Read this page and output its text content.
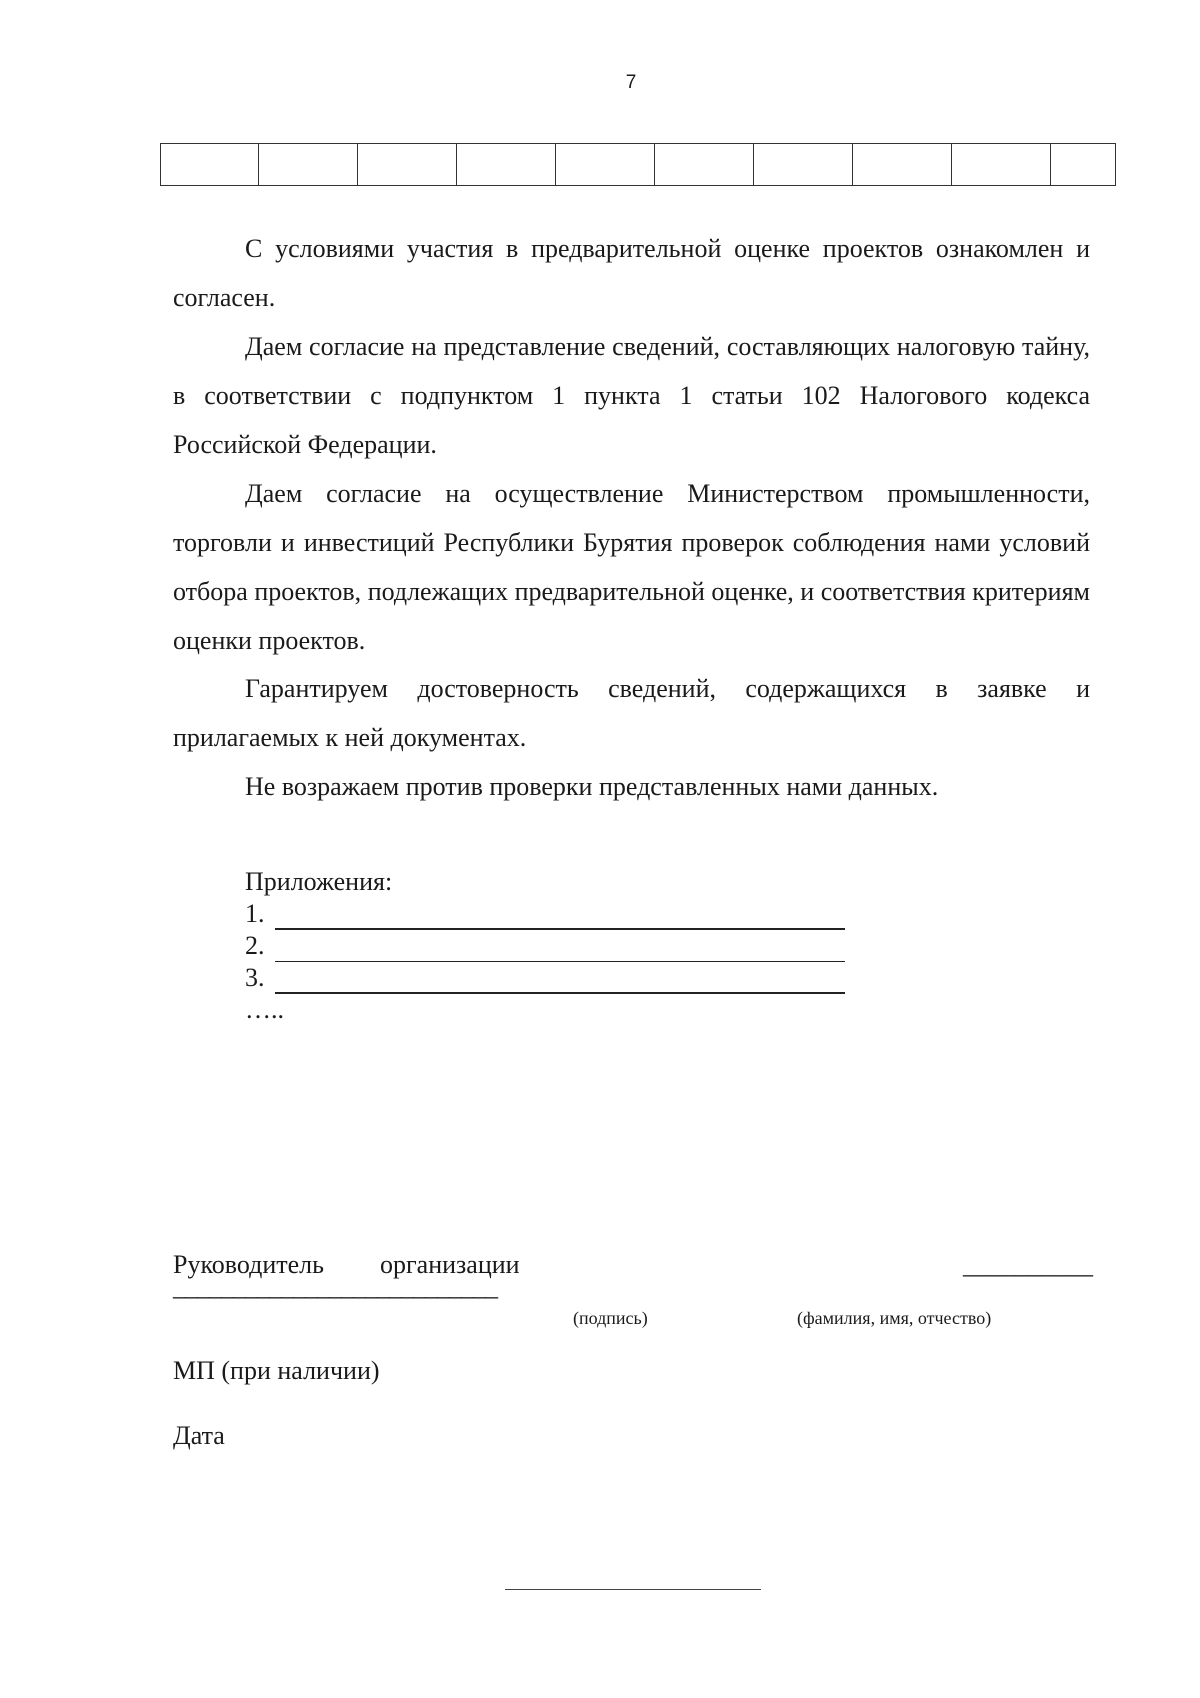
7

С условиями участия в предварительной оценке проектов ознакомлен и согласен.

Даем согласие на представление сведений, составляющих налоговую тайну, в соответствии с подпунктом 1 пункта 1 статьи 102 Налогового кодекса Российской Федерации.

Даем согласие на осуществление Министерством промышленности, торговли и инвестиций Республики Бурятия проверок соблюдения нами условий отбора проектов, подлежащих предварительной оценке, и соответствия критериям оценки проектов.

Гарантируем достоверность сведений, содержащихся в заявке и прилагаемых к ней документах.

Не возражаем против проверки представленных нами данных.

Приложения:
1.
2.
3.
…..
Руководитель организации	__________
___________________________
(подпись)	(фамилия, имя, отчество)
МП (при наличии)
Дата
